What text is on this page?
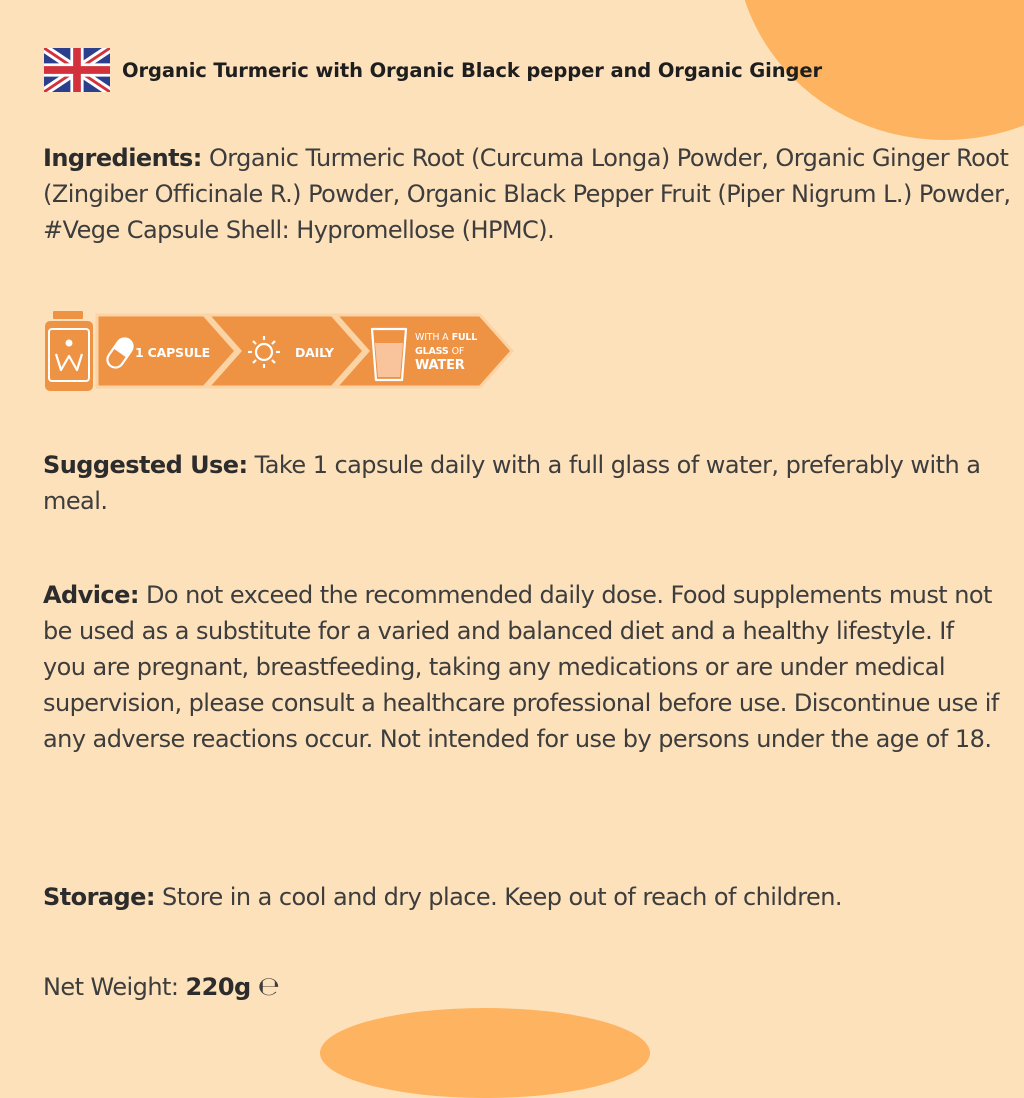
Organic Turmeric with Organic Black pepper and Organic Ginger

Ingredients: Organic Turmeric Root (Curcuma Longa) Powder, Organic Ginger Root (Zingiber Officinale R.) Powder, Organic Black Pepper Fruit (Piper Nigrum L.) Powder, #Vege Capsule Shell: Hypromellose (HPMC).

1 CAPSULE	DAILY
WITH A FULL
GLASS OF
WATER

Suggested Use: Take 1 capsule daily with a full glass of water, preferably with a meal.

Advice: Do not exceed the recommended daily dose. Food supplements must not be used as a substitute for a varied and balanced diet and a healthy lifestyle. If you are pregnant, breastfeeding, taking any medications or are under medical supervision, please consult a healthcare professional before use. Discontinue use if any adverse reactions occur. Not intended for use by persons under the age of 18.

Storage: Store in a cool and dry place. Keep out of reach of children.

Net Weight: 220g ℮
